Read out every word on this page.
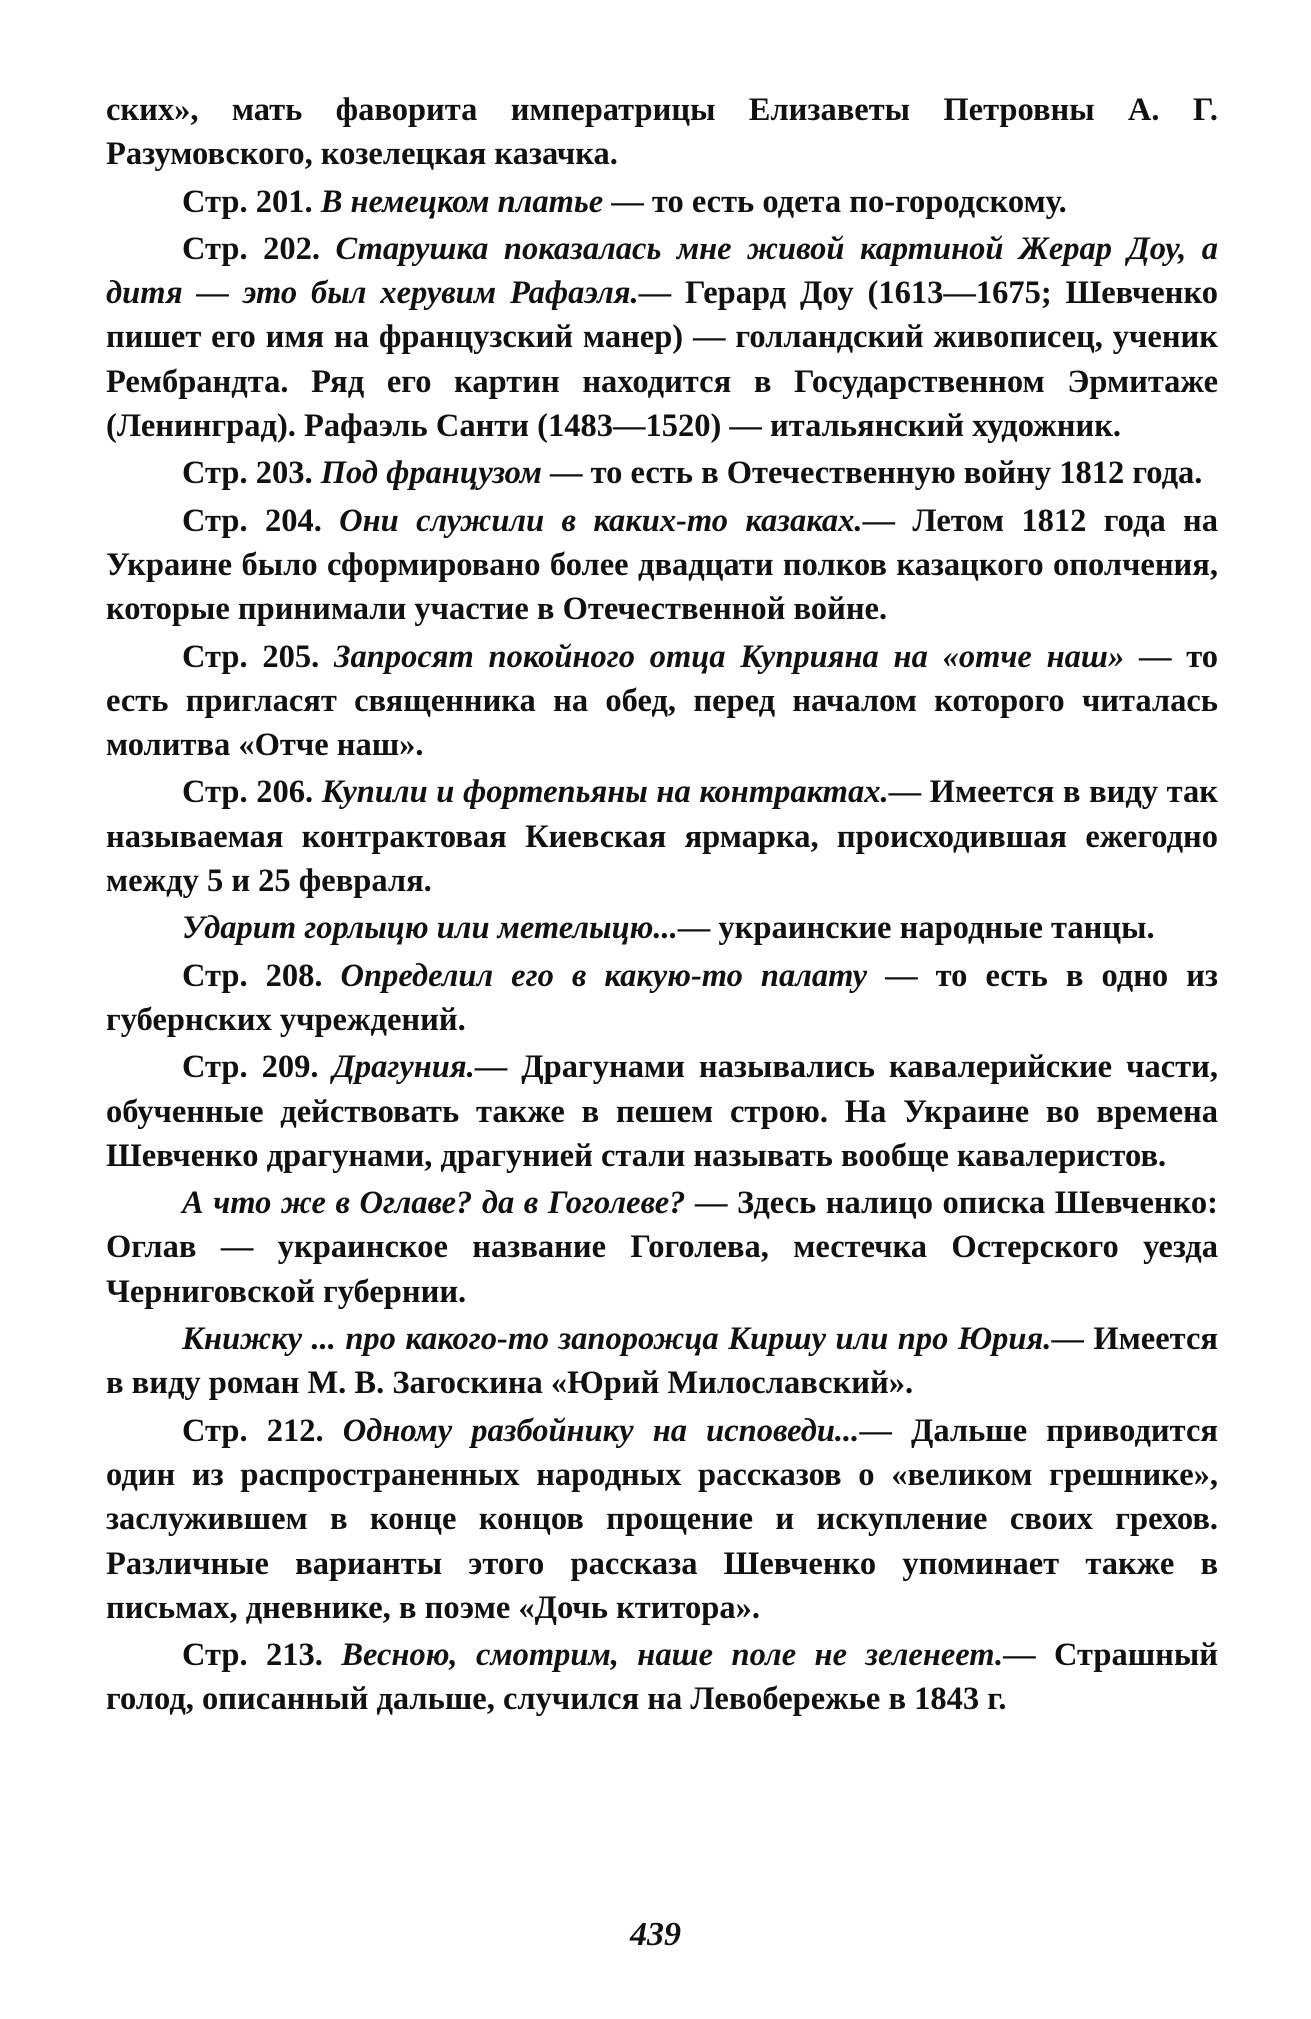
ских», мать фаворита императрицы Елизаветы Петровны А. Г. Разумовского, козелецкая казачка.

Стр. 201. В немецком платье — то есть одета по-городскому.

Стр. 202. Старушка показалась мне живой картиной Жерар Доу, а дитя — это был херувим Рафаэля.— Герард Доу (1613—1675; Шевченко пишет его имя на французский манер) — голландский живописец, ученик Рембрандта. Ряд его картин находится в Государственном Эрмитаже (Ленинград). Рафаэль Санти (1483—1520) — итальянский художник.

Стр. 203. Под французом — то есть в Отечественную войну 1812 года.

Стр. 204. Они служили в каких-то казаках.— Летом 1812 года на Украине было сформировано более двадцати полков казацкого ополчения, которые принимали участие в Отечественной войне.

Стр. 205. Запросят покойного отца Куприяна на «отче наш» — то есть пригласят священника на обед, перед началом которого читалась молитва «Отче наш».

Стр. 206. Купили и фортепьяны на контрактах.— Имеется в виду так называемая контрактовая Киевская ярмарка, происходившая ежегодно между 5 и 25 февраля.

Ударит горлыцю или метелыцю...— украинские народные танцы.

Стр. 208. Определил его в какую-то палату — то есть в одно из губернских учреждений.

Стр. 209. Драгуния.— Драгунами назывались кавалерийские части, обученные действовать также в пешем строю. На Украине во времена Шевченко драгунами, драгунией стали называть вообще кавалеристов.

А что же в Оглаве? да в Гоголеве? — Здесь налицо описка Шевченко: Оглав — украинское название Гоголева, местечка Остерского уезда Черниговской губернии.

Книжку ... про какого-то запорожца Киршу или про Юрия.— Имеется в виду роман М. В. Загоскина «Юрий Милославский».

Стр. 212. Одному разбойнику на исповеди...— Дальше приводится один из распространенных народных рассказов о «великом грешнике», заслужившем в конце концов прощение и искупление своих грехов. Различные варианты этого рассказа Шевченко упоминает также в письмах, дневнике, в поэме «Дочь ктитора».

Стр. 213. Весною, смотрим, наше поле не зеленеет.— Страшный голод, описанный дальше, случился на Левобережье в 1843 г.

439
